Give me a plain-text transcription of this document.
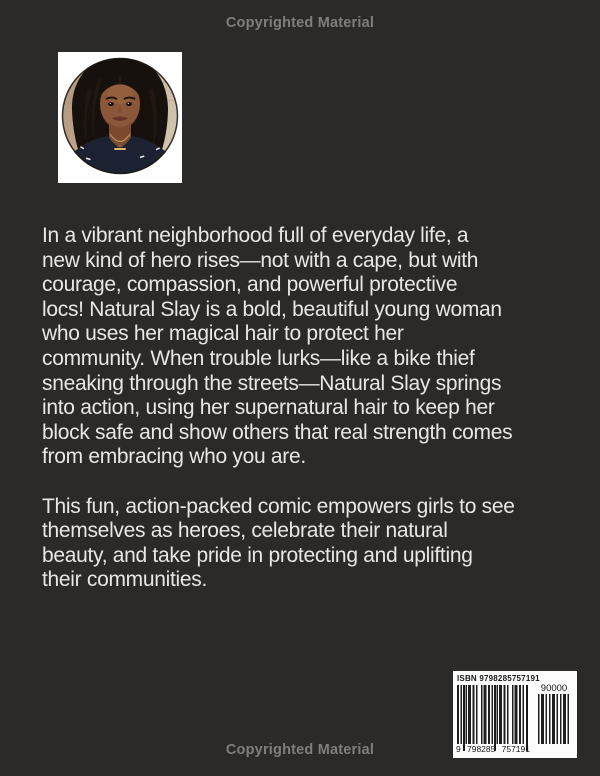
Copyrighted Material
In a vibrant neighborhood full of everyday life, a
new kind of hero rises—not with a cape, but with
courage, compassion, and powerful protective
locs! Natural Slay is a bold, beautiful young woman
who uses her magical hair to protect her
community. When trouble lurks—like a bike thief
sneaking through the streets—Natural Slay springs
into action, using her supernatural hair to keep her
block safe and show others that real strength comes
from embracing who you are.
This fun, action-packed comic empowers girls to see
themselves as heroes, celebrate their natural
beauty, and take pride in protecting and uplifting
their communities.
ISBN 9798285757191
9 798285 757191
90000
Copyrighted Material
